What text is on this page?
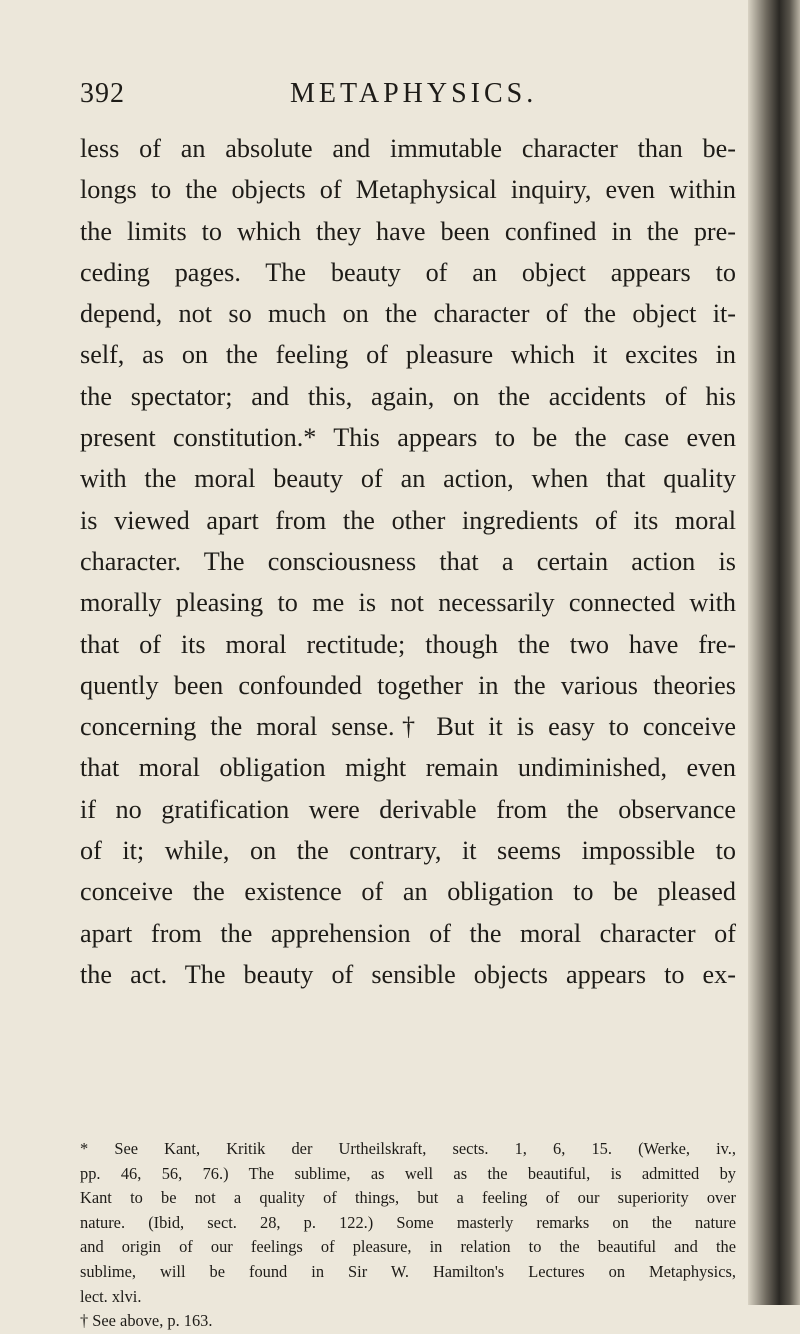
392	METAPHYSICS.
less of an absolute and immutable character than be-
longs to the objects of Metaphysical inquiry, even within
the limits to which they have been confined in the pre-
ceding pages. The beauty of an object appears to
depend, not so much on the character of the object it-
self, as on the feeling of pleasure which it excites in
the spectator; and this, again, on the accidents of his
present constitution.* This appears to be the case even
with the moral beauty of an action, when that quality
is viewed apart from the other ingredients of its moral
character. The consciousness that a certain action is
morally pleasing to me is not necessarily connected with
that of its moral rectitude; though the two have fre-
quently been confounded together in the various theories
concerning the moral sense.† But it is easy to conceive
that moral obligation might remain undiminished, even
if no gratification were derivable from the observance
of it; while, on the contrary, it seems impossible to
conceive the existence of an obligation to be pleased
apart from the apprehension of the moral character of
the act. The beauty of sensible objects appears to ex-
* See Kant, Kritik der Urtheilskraft, sects. 1, 6, 15. (Werke, iv.,
pp. 46, 56, 76.) The sublime, as well as the beautiful, is admitted by
Kant to be not a quality of things, but a feeling of our superiority over
nature. (Ibid, sect. 28, p. 122.) Some masterly remarks on the nature
and origin of our feelings of pleasure, in relation to the beautiful and the
sublime, will be found in Sir W. Hamilton's Lectures on Metaphysics,
lect. xlvi.
† See above, p. 163.
